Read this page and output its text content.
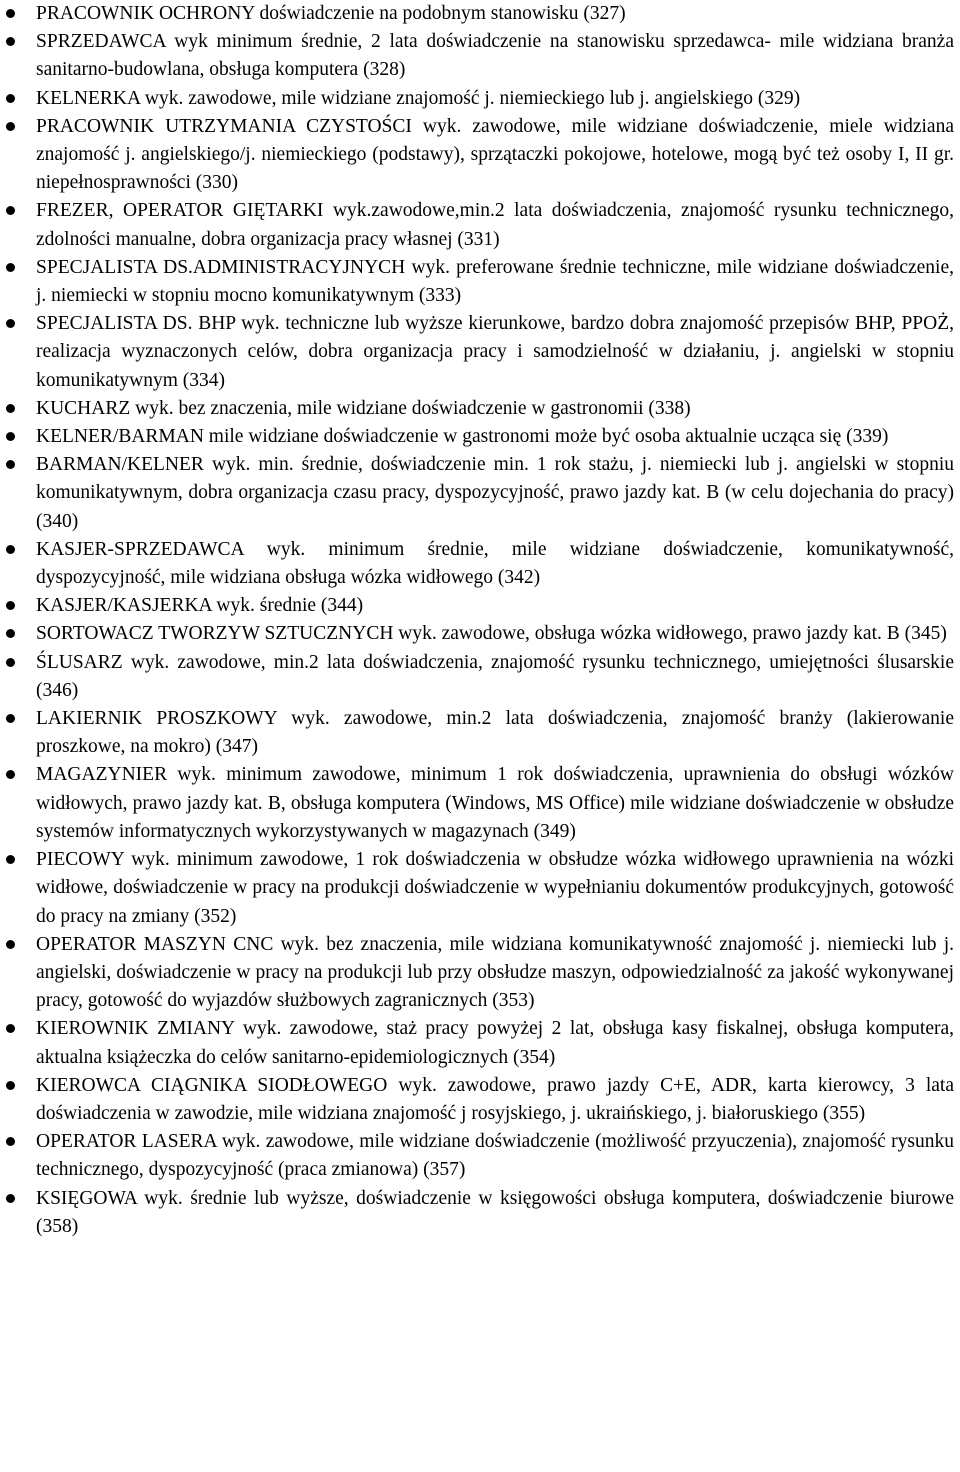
PRACOWNIK OCHRONY doświadczenie na podobnym stanowisku (327)
SPRZEDAWCA wyk minimum średnie, 2 lata doświadczenie na stanowisku sprzedawca- mile widziana branża sanitarno-budowlana, obsługa komputera (328)
KELNERKA wyk. zawodowe, mile widziane znajomość j. niemieckiego lub j. angielskiego (329)
PRACOWNIK UTRZYMANIA CZYSTOŚCI wyk. zawodowe, mile widziane doświadczenie, miele widziana znajomość j. angielskiego/j. niemieckiego (podstawy), sprzątaczki pokojowe, hotelowe, mogą być też osoby I, II gr. niepełnosprawności (330)
FREZER, OPERATOR GIĘTARKI wyk.zawodowe,min.2 lata doświadczenia, znajomość rysunku technicznego, zdolności manualne, dobra organizacja pracy własnej (331)
SPECJALISTA DS.ADMINISTRACYJNYCH wyk. preferowane średnie techniczne, mile widziane doświadczenie, j. niemiecki w stopniu mocno komunikatywnym (333)
SPECJALISTA DS. BHP wyk. techniczne lub wyższe kierunkowe, bardzo dobra znajomość przepisów BHP, PPOŻ, realizacja wyznaczonych celów, dobra organizacja pracy i samodzielność w działaniu, j. angielski w stopniu komunikatywnym (334)
KUCHARZ wyk. bez znaczenia, mile widziane doświadczenie w gastronomii (338)
KELNER/BARMAN mile widziane doświadczenie w gastronomi może być osoba aktualnie ucząca się (339)
BARMAN/KELNER wyk. min. średnie, doświadczenie min. 1 rok stażu, j. niemiecki lub j. angielski w stopniu komunikatywnym, dobra organizacja czasu pracy, dyspozycyjność, prawo jazdy kat. B (w celu dojechania do pracy) (340)
KASJER-SPRZEDAWCA wyk. minimum średnie, mile widziane doświadczenie, komunikatywność, dyspozycyjność, mile widziana obsługa wózka widłowego (342)
KASJER/KASJERKA wyk. średnie (344)
SORTOWACZ TWORZYW SZTUCZNYCH wyk. zawodowe, obsługa wózka widłowego, prawo jazdy kat. B (345)
ŚLUSARZ wyk. zawodowe, min.2 lata doświadczenia, znajomość rysunku technicznego, umiejętności ślusarskie (346)
LAKIERNIK PROSZKOWY wyk. zawodowe, min.2 lata doświadczenia, znajomość branży (lakierowanie proszkowe, na mokro) (347)
MAGAZYNIER wyk. minimum zawodowe, minimum 1 rok doświadczenia, uprawnienia do obsługi wózków widłowych, prawo jazdy kat. B, obsługa komputera (Windows, MS Office) mile widziane doświadczenie w obsłudze systemów informatycznych wykorzystywanych w magazynach (349)
PIECOWY wyk. minimum zawodowe, 1 rok doświadczenia w obsłudze wózka widłowego uprawnienia na wózki widłowe, doświadczenie w pracy na produkcji doświadczenie w wypełnianiu dokumentów produkcyjnych, gotowość do pracy na zmiany (352)
OPERATOR MASZYN CNC wyk. bez znaczenia, mile widziana komunikatywność znajomość j. niemiecki lub j. angielski, doświadczenie w pracy na produkcji lub przy obsłudze maszyn, odpowiedzialność za jakość wykonywanej pracy, gotowość do wyjazdów służbowych zagranicznych (353)
KIEROWNIK ZMIANY wyk. zawodowe, staż pracy powyżej 2 lat, obsługa kasy fiskalnej, obsługa komputera, aktualna książeczka do celów sanitarno-epidemiologicznych (354)
KIEROWCA CIĄGNIKA SIODŁOWEGO wyk. zawodowe, prawo jazdy C+E, ADR, karta kierowcy, 3 lata doświadczenia w zawodzie, mile widziana znajomość j rosyjskiego, j. ukraińskiego, j. białoruskiego (355)
OPERATOR LASERA wyk. zawodowe, mile widziane doświadczenie (możliwość przyuczenia), znajomość rysunku technicznego, dyspozycyjność (praca zmianowa) (357)
KSIĘGOWA wyk. średnie lub wyższe, doświadczenie w księgowości obsługa komputera, doświadczenie biurowe (358)
